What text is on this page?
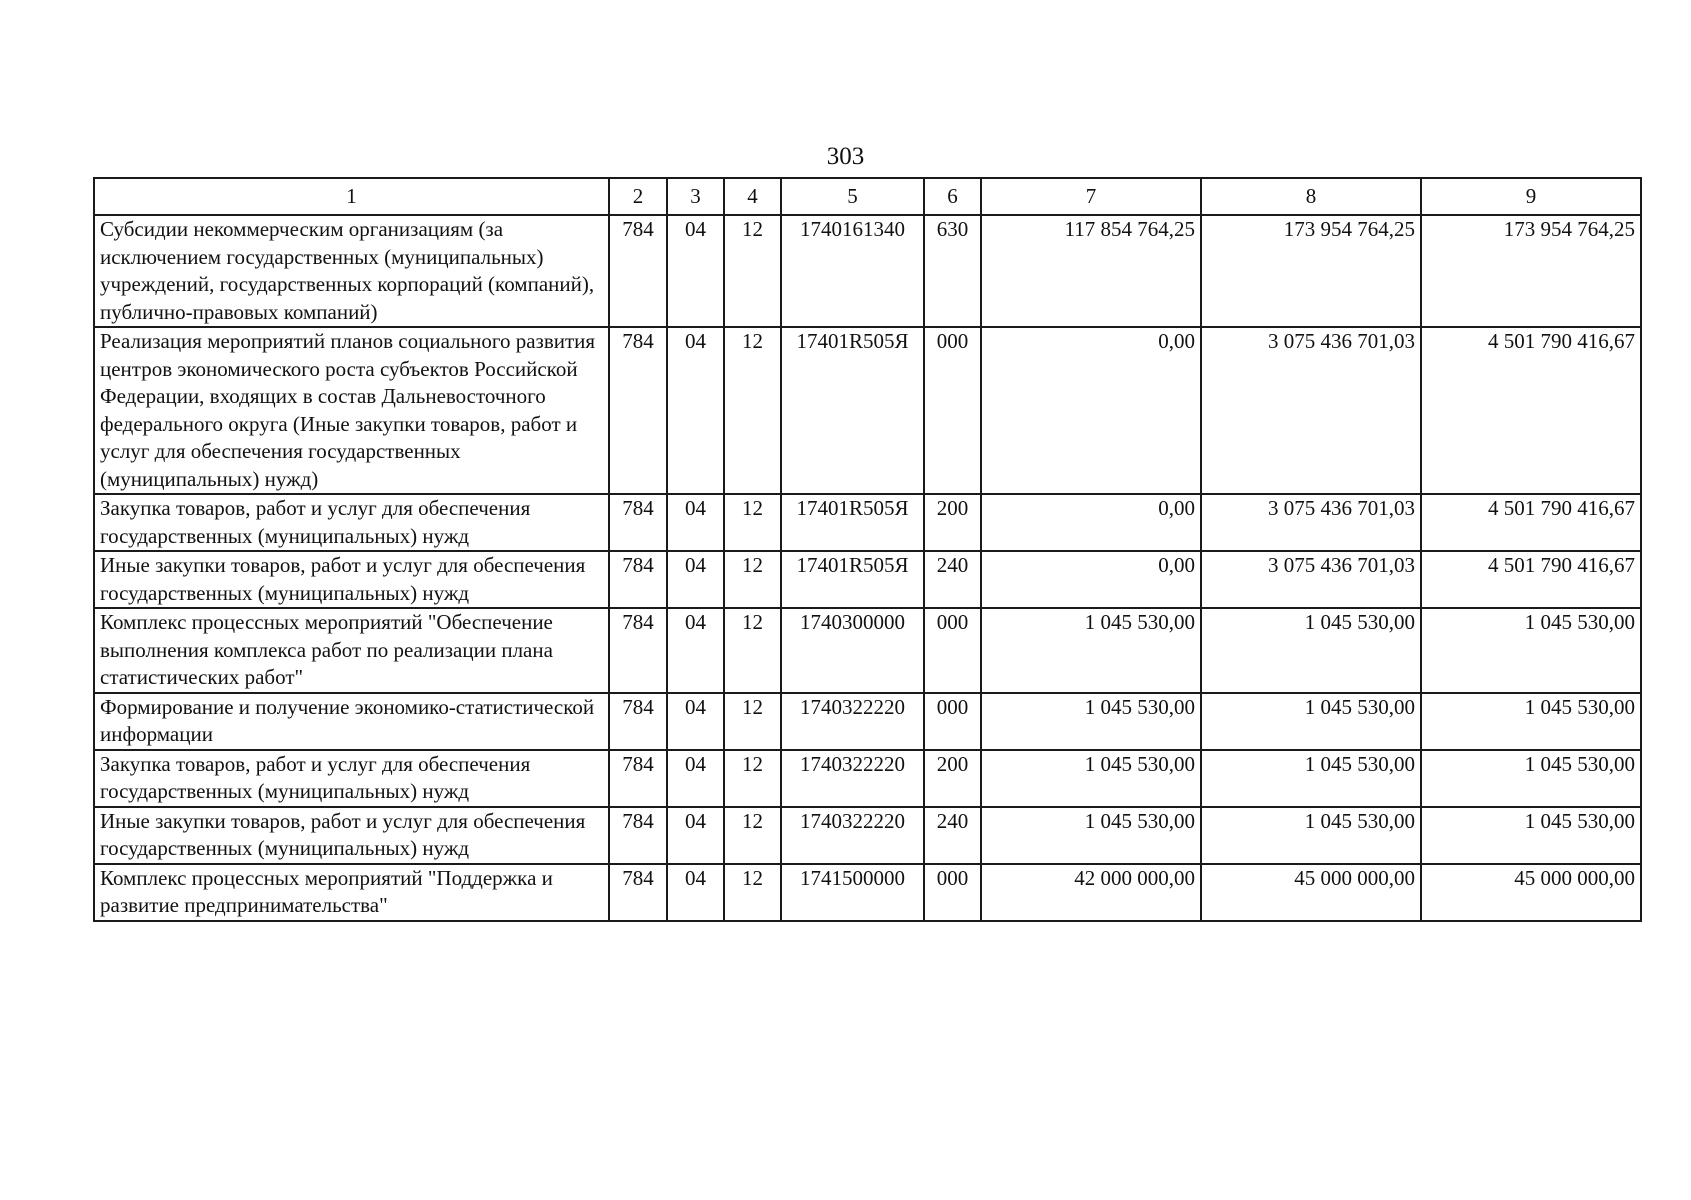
303
1	2	3	4	5	6	7	8	9
Субсидии некоммерческим организациям (за исключением государственных (муниципальных) учреждений, государственных корпораций (компаний), публично-правовых компаний)	784	04	12	1740161340	630	117 854 764,25	173 954 764,25	173 954 764,25
Реализация мероприятий планов социального развития центров экономического роста субъектов Российской Федерации, входящих в состав Дальневосточного федерального округа (Иные закупки товаров, работ и услуг для обеспечения государственных (муниципальных) нужд)	784	04	12	17401R505Я	000	0,00	3 075 436 701,03	4 501 790 416,67
Закупка товаров, работ и услуг для обеспечения государственных (муниципальных) нужд	784	04	12	17401R505Я	200	0,00	3 075 436 701,03	4 501 790 416,67
Иные закупки товаров, работ и услуг для обеспечения государственных (муниципальных) нужд	784	04	12	17401R505Я	240	0,00	3 075 436 701,03	4 501 790 416,67
Комплекс процессных мероприятий "Обеспечение выполнения комплекса работ по реализации плана статистических работ"	784	04	12	1740300000	000	1 045 530,00	1 045 530,00	1 045 530,00
Формирование и получение экономико-статистической информации	784	04	12	1740322220	000	1 045 530,00	1 045 530,00	1 045 530,00
Закупка товаров, работ и услуг для обеспечения государственных (муниципальных) нужд	784	04	12	1740322220	200	1 045 530,00	1 045 530,00	1 045 530,00
Иные закупки товаров, работ и услуг для обеспечения государственных (муниципальных) нужд	784	04	12	1740322220	240	1 045 530,00	1 045 530,00	1 045 530,00
Комплекс процессных мероприятий "Поддержка и развитие предпринимательства"	784	04	12	1741500000	000	42 000 000,00	45 000 000,00	45 000 000,00
